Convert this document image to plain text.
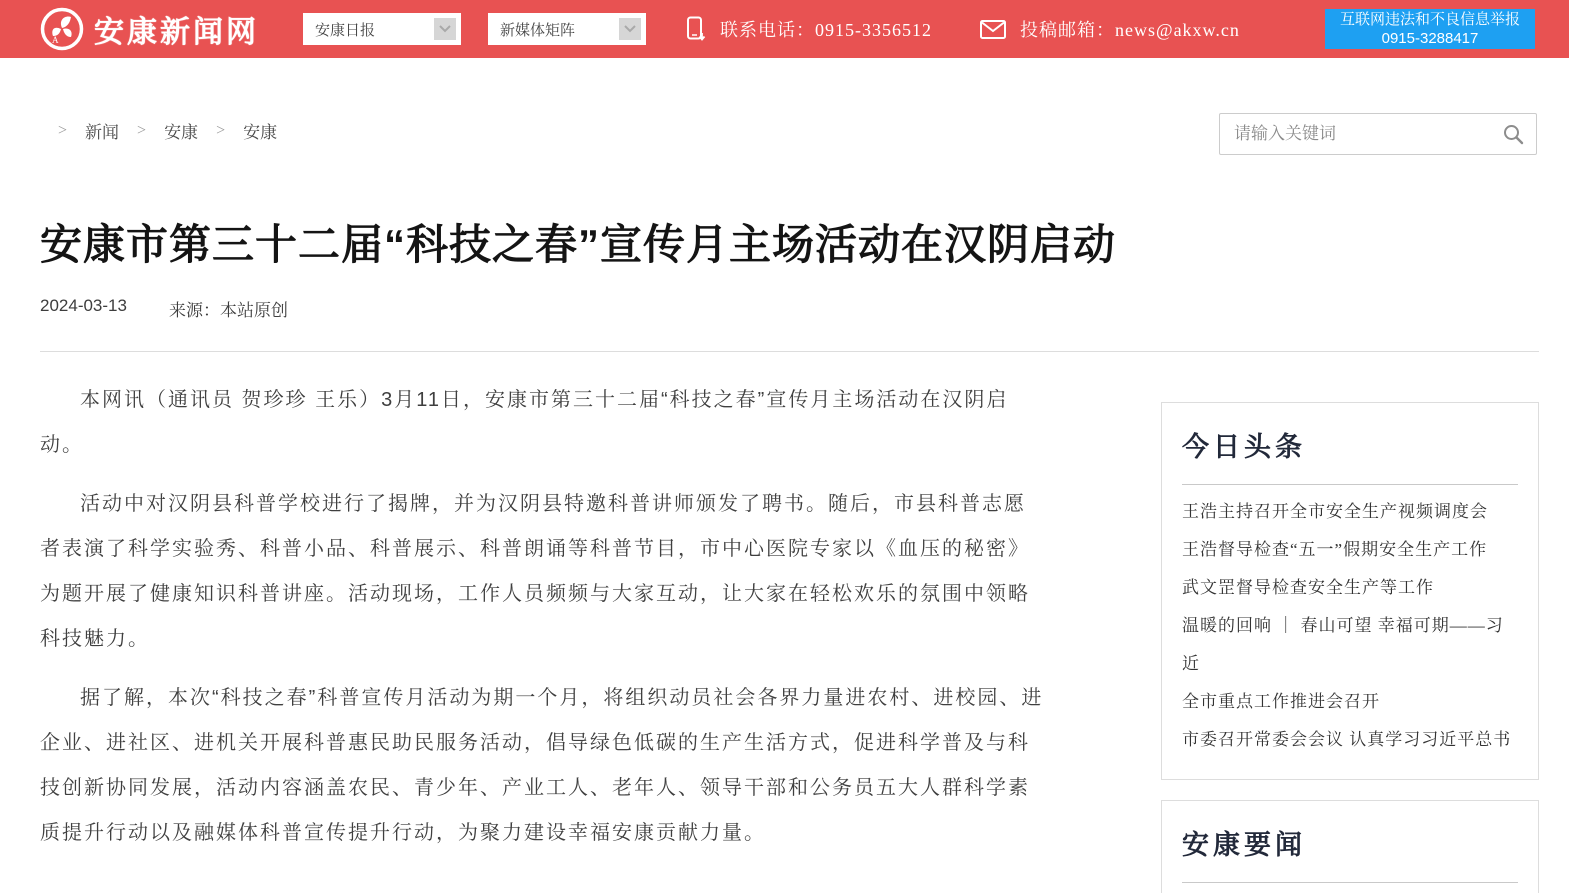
A 安康新闻网	安康日报	新媒体矩阵	联系电话：0915-3356512	投稿邮箱：news@akxw.cn
互联网违法和不良信息举报
0915-3288417
> 新闻 > 安康 > 安康
请输入关键词
安康市第三十二届“科技之春”宣传月主场活动在汉阴启动
2024-03-13 来源：本站原创

本网讯（通讯员 贺珍珍 王乐）3月11日，安康市第三十二届“科技之春”宣传月主场活动在汉阴启动。

活动中对汉阴县科普学校进行了揭牌，并为汉阴县特邀科普讲师颁发了聘书。随后，市县科普志愿者表演了科学实验秀、科普小品、科普展示、科普朗诵等科普节目，市中心医院专家以《血压的秘密》为题开展了健康知识科普讲座。活动现场，工作人员频频与大家互动，让大家在轻松欢乐的氛围中领略科技魅力。

据了解，本次“科技之春”科普宣传月活动为期一个月，将组织动员社会各界力量进农村、进校园、进企业、进社区、进机关开展科普惠民助民服务活动，倡导绿色低碳的生产生活方式，促进科学普及与科技创新协同发展，活动内容涵盖农民、青少年、产业工人、老年人、领导干部和公务员五大人群科学素质提升行动以及融媒体科普宣传提升行动，为聚力建设幸福安康贡献力量。

今日头条
王浩主持召开全市安全生产视频调度会
王浩督导检查“五一”假期安全生产工作
武文罡督导检查安全生产等工作
温暖的回响 ｜ 春山可望 幸福可期——习近
全市重点工作推进会召开
市委召开常委会会议 认真学习习近平总书
安康要闻
